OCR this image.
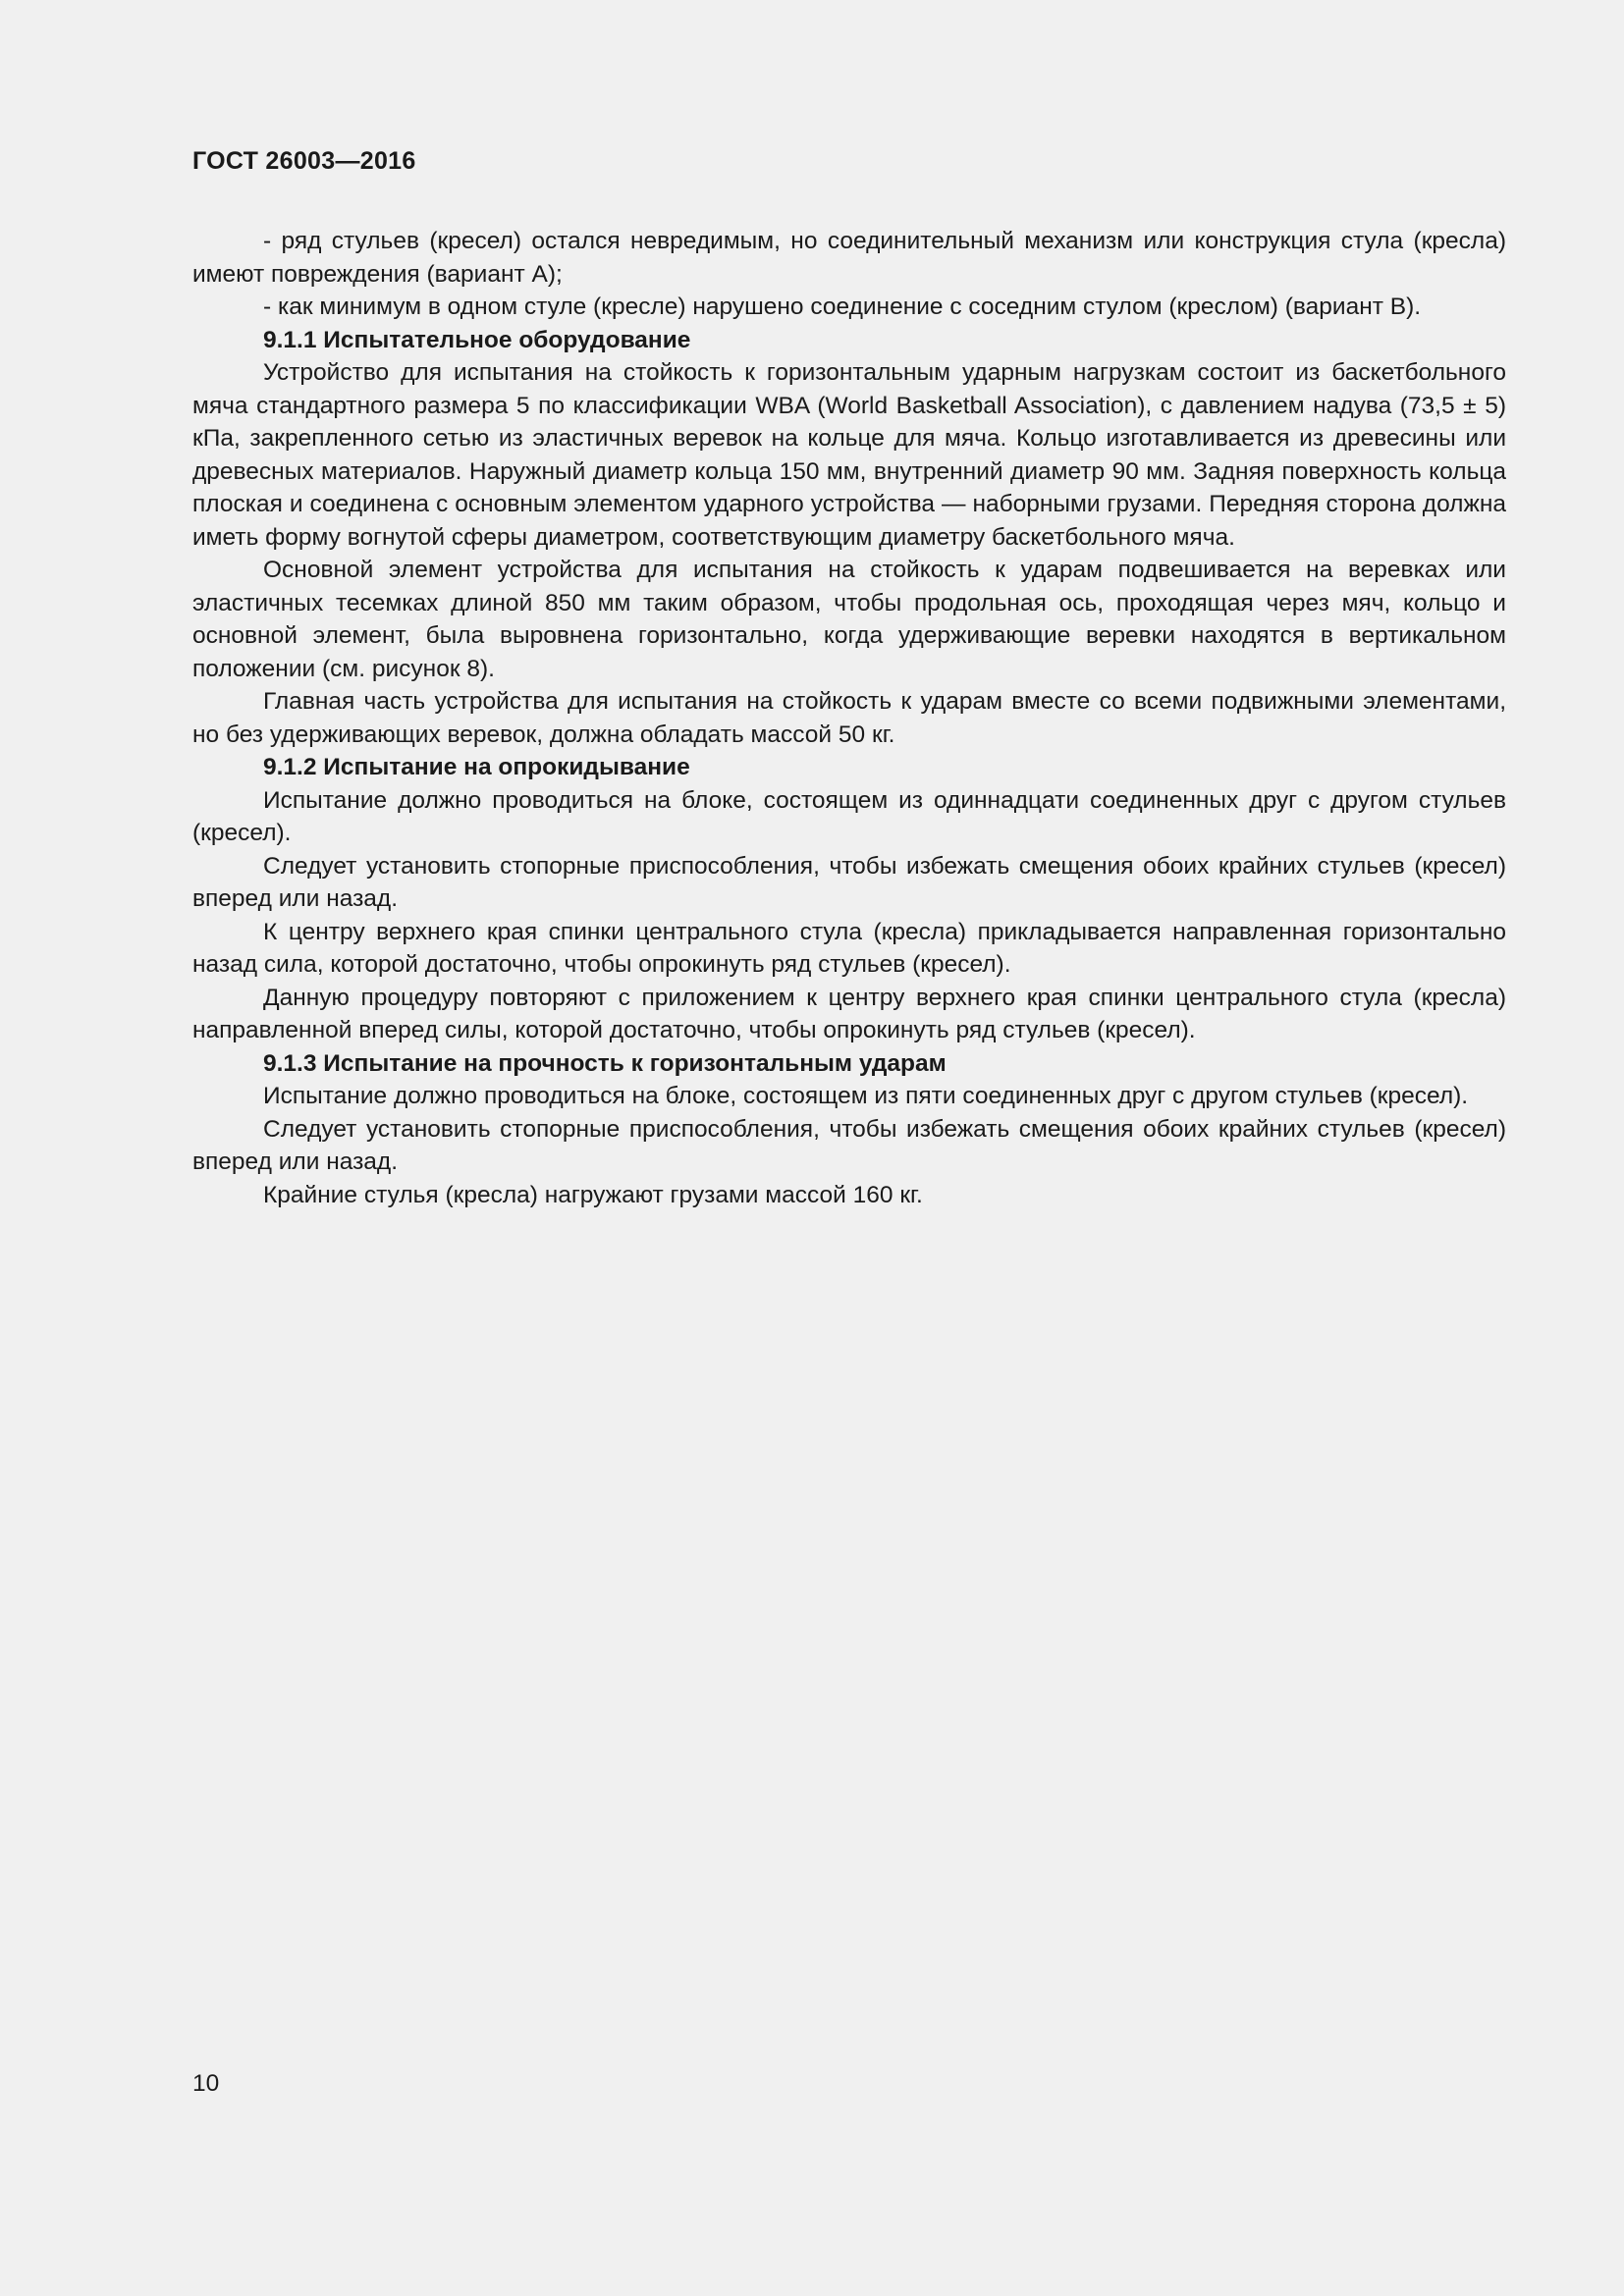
ГОСТ 26003—2016

- ряд стульев (кресел) остался невредимым, но соединительный механизм или конструкция стула (кресла) имеют повреждения (вариант А);

- как минимум в одном стуле (кресле) нарушено соединение с соседним стулом (креслом) (вариант В).

9.1.1 Испытательное оборудование

Устройство для испытания на стойкость к горизонтальным ударным нагрузкам состоит из баскетбольного мяча стандартного размера 5 по классификации WBA (World Basketball Association), с давлением надува (73,5 ± 5) кПа, закрепленного сетью из эластичных веревок на кольце для мяча. Кольцо изготавливается из древесины или древесных материалов. Наружный диаметр кольца 150 мм, внутренний диаметр 90 мм. Задняя поверхность кольца плоская и соединена с основным элементом ударного устройства — наборными грузами. Передняя сторона должна иметь форму вогнутой сферы диаметром, соответствующим диаметру баскетбольного мяча.

Основной элемент устройства для испытания на стойкость к ударам подвешивается на веревках или эластичных тесемках длиной 850 мм таким образом, чтобы продольная ось, проходящая через мяч, кольцо и основной элемент, была выровнена горизонтально, когда удерживающие веревки находятся в вертикальном положении (см. рисунок 8).

Главная часть устройства для испытания на стойкость к ударам вместе со всеми подвижными элементами, но без удерживающих веревок, должна обладать массой 50 кг.

9.1.2 Испытание на опрокидывание

Испытание должно проводиться на блоке, состоящем из одиннадцати соединенных друг с другом стульев (кресел).

Следует установить стопорные приспособления, чтобы избежать смещения обоих крайних стульев (кресел) вперед или назад.

К центру верхнего края спинки центрального стула (кресла) прикладывается направленная горизонтально назад сила, которой достаточно, чтобы опрокинуть ряд стульев (кресел).

Данную процедуру повторяют с приложением к центру верхнего края спинки центрального стула (кресла) направленной вперед силы, которой достаточно, чтобы опрокинуть ряд стульев (кресел).

9.1.3 Испытание на прочность к горизонтальным ударам

Испытание должно проводиться на блоке, состоящем из пяти соединенных друг с другом стульев (кресел).

Следует установить стопорные приспособления, чтобы избежать смещения обоих крайних стульев (кресел) вперед или назад.

Крайние стулья (кресла) нагружают грузами массой 160 кг.

10
